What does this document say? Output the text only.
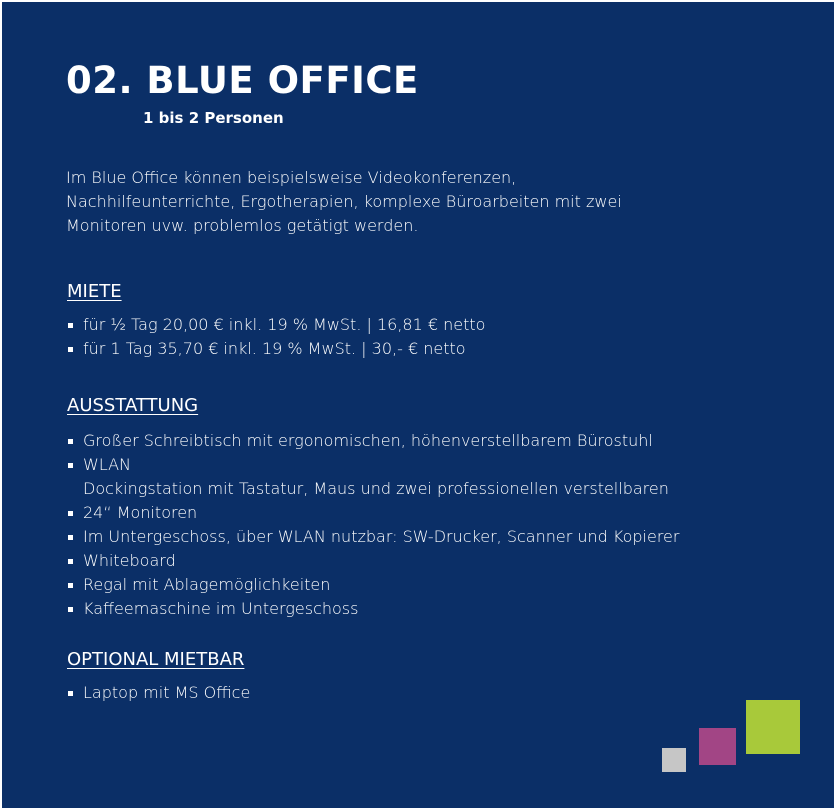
02. BLUE OFFICE
1 bis 2 Personen
Im Blue Office können beispielsweise Videokonferenzen,
Nachhilfeunterrichte, Ergotherapien, komplexe Büroarbeiten mit zwei
Monitoren uvw. problemlos getätigt werden.
MIETE
für ½ Tag 20,00 € inkl. 19 % MwSt. | 16,81 € netto
für 1 Tag 35,70 € inkl. 19 % MwSt. | 30,- € netto
AUSSTATTUNG
Großer Schreibtisch mit ergonomischen, höhenverstellbarem Bürostuhl
WLAN
Dockingstation mit Tastatur, Maus und zwei professionellen verstellbaren
24“ Monitoren
Im Untergeschoss, über WLAN nutzbar: SW-Drucker, Scanner und Kopierer
Whiteboard
Regal mit Ablagemöglichkeiten
Kaffeemaschine im Untergeschoss
OPTIONAL MIETBAR
Laptop mit MS Office
